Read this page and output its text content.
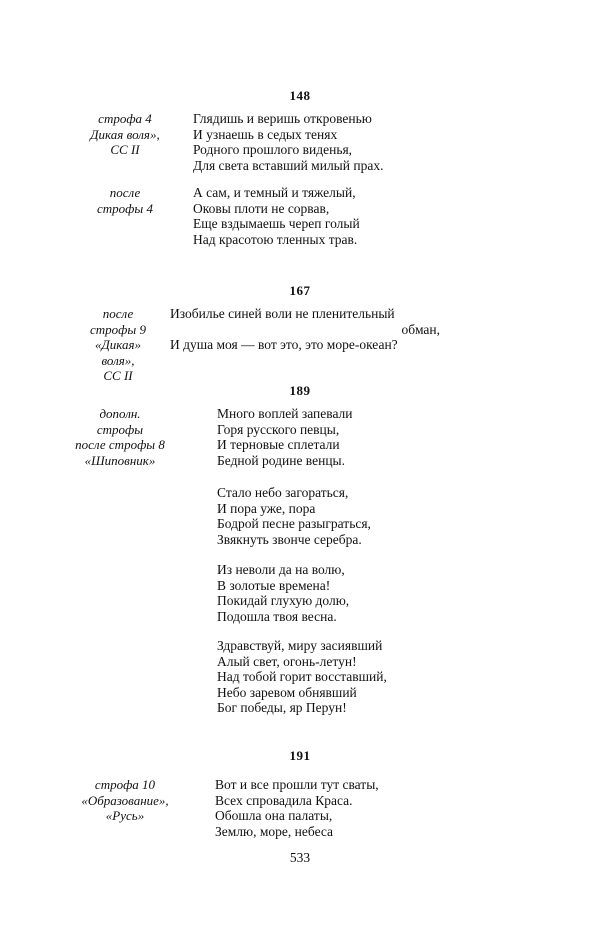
148
строфа 4
Дикая воля»,
СС II
Глядишь и веришь откровенью
И узнаешь в седых тенях
Родного прошлого виденья,
Для света вставший милый прах.
после
строфы 4
А сам, и темный и тяжелый,
Оковы плоти не сорвав,
Еще вздымаешь череп голый
Над красотою тленных трав.
167
после
строфы 9
«Дикая»
воля»,
СС II
Изобилье синей воли не пленительный
обман,
И душа моя — вот это, это море-океан?
189
дополн.
строфы
после строфы 8
«Шиповник»
Много воплей запевали
Горя русского певцы,
И терновые сплетали
Бедной родине венцы.
Стало небо загораться,
И пора уже, пора
Бодрой песне разыграться,
Звякнуть звонче серебра.
Из неволи да на волю,
В золотые времена!
Покидай глухую долю,
Подошла твоя весна.
Здравствуй, миру засиявший
Алый свет, огонь-летун!
Над тобой горит восставший,
Небо заревом обнявший
Бог победы, яр Перун!
191
строфа 10
«Образование»,
«Русь»
Вот и все прошли тут сваты,
Всех спровадила Краса.
Обошла она палаты,
Землю, море, небеса
533
